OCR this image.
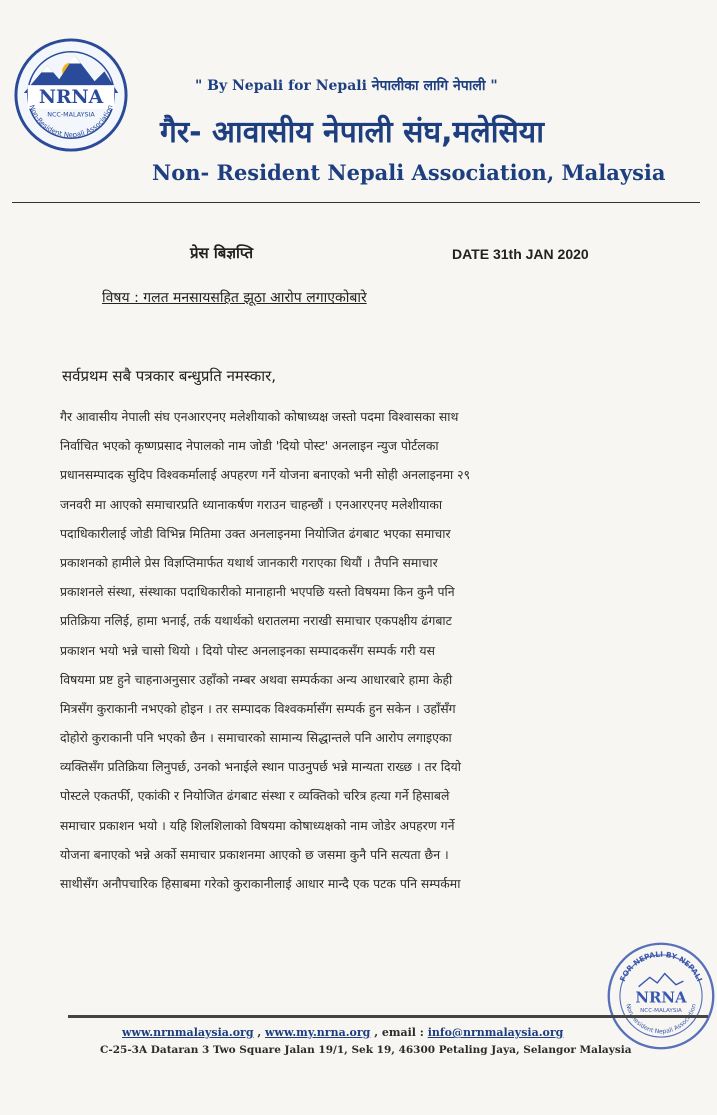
NRNA
NCC-MALAYSIA
Non-Resident Nepali Association
" By Nepali for Nepali नेपालीका लागि नेपाली "
गैर- आवासीय नेपाली संघ,मलेसिया
Non- Resident Nepali Association, Malaysia
प्रेस बिज्ञप्ति	DATE 31th JAN 2020
विषय : गलत मनसायसहित झूठा आरोप लगाएकोबारे
सर्वप्रथम सबै पत्रकार बन्धुप्रति नमस्कार,
गैर आवासीय नेपाली संघ एनआरएनए मलेशीयाको कोषाध्यक्ष जस्तो पदमा विश्वासका साथ
निर्वाचित भएको कृष्णप्रसाद नेपालको नाम जोडी 'दियो पोस्ट' अनलाइन न्युज पोर्टलका
प्रधानसम्पादक सुदिप विश्वकर्मालाई अपहरण गर्ने योजना बनाएको भनी सोही अनलाइनमा २९
जनवरी मा आएको समाचारप्रति ध्यानाकर्षण गराउन चाहन्छौं । एनआरएनए मलेशीयाका
पदाधिकारीलाई जोडी विभिन्न मितिमा उक्त अनलाइनमा नियोजित ढंगबाट भएका समाचार
प्रकाशनको हामीले प्रेस विज्ञप्तिमार्फत यथार्थ जानकारी गराएका थियौं । तैपनि समाचार
प्रकाशनले संस्था, संस्थाका पदाधिकारीको मानाहानी भएपछि यस्तो विषयमा किन कुनै पनि
प्रतिक्रिया नलिई, हामा भनाई, तर्क यथार्थको धरातलमा नराखी समाचार एकपक्षीय ढंगबाट
प्रकाशन भयो भन्ने चासो थियो । दियो पोस्ट अनलाइनका सम्पादकसँग सम्पर्क गरी यस
विषयमा प्रष्ट हुने चाहनाअनुसार उहाँको नम्बर अथवा सम्पर्कका अन्य आधारबारे हामा केही
मित्रसँग कुराकानी नभएको होइन । तर सम्पादक विश्वकर्मासँग सम्पर्क हुन सकेन । उहाँसँग
दोहोरो कुराकानी पनि भएको छैन । समाचारको सामान्य सिद्धान्तले पनि आरोप लगाइएका
व्यक्तिसँग प्रतिक्रिया लिनुपर्छ, उनको भनाईले स्थान पाउनुपर्छ भन्ने मान्यता राख्छ । तर दियो
पोस्टले एकतर्फी, एकांकी र नियोजित ढंगबाट संस्था र व्यक्तिको चरित्र हत्या गर्ने हिसाबले
समाचार प्रकाशन भयो । यहि शिलशिलाको विषयमा कोषाध्यक्षको नाम जोडेर अपहरण गर्ने
योजना बनाएको भन्ने अर्को समाचार प्रकाशनमा आएको छ जसमा कुनै पनि सत्यता छैन ।
साथीसँग अनौपचारिक हिसाबमा गरेको कुराकानीलाई आधार मान्दै एक पटक पनि सम्पर्कमा
FOR NEPALI BY NEPALI
NRNA
NCC-MALAYSIA
Non-Resident Nepali Association
www.nrnmalaysia.org , www.my.nrna.org , email : info@nrnmalaysia.org
C-25-3A Dataran 3 Two Square Jalan 19/1, Sek 19, 46300 Petaling Jaya, Selangor Malaysia
